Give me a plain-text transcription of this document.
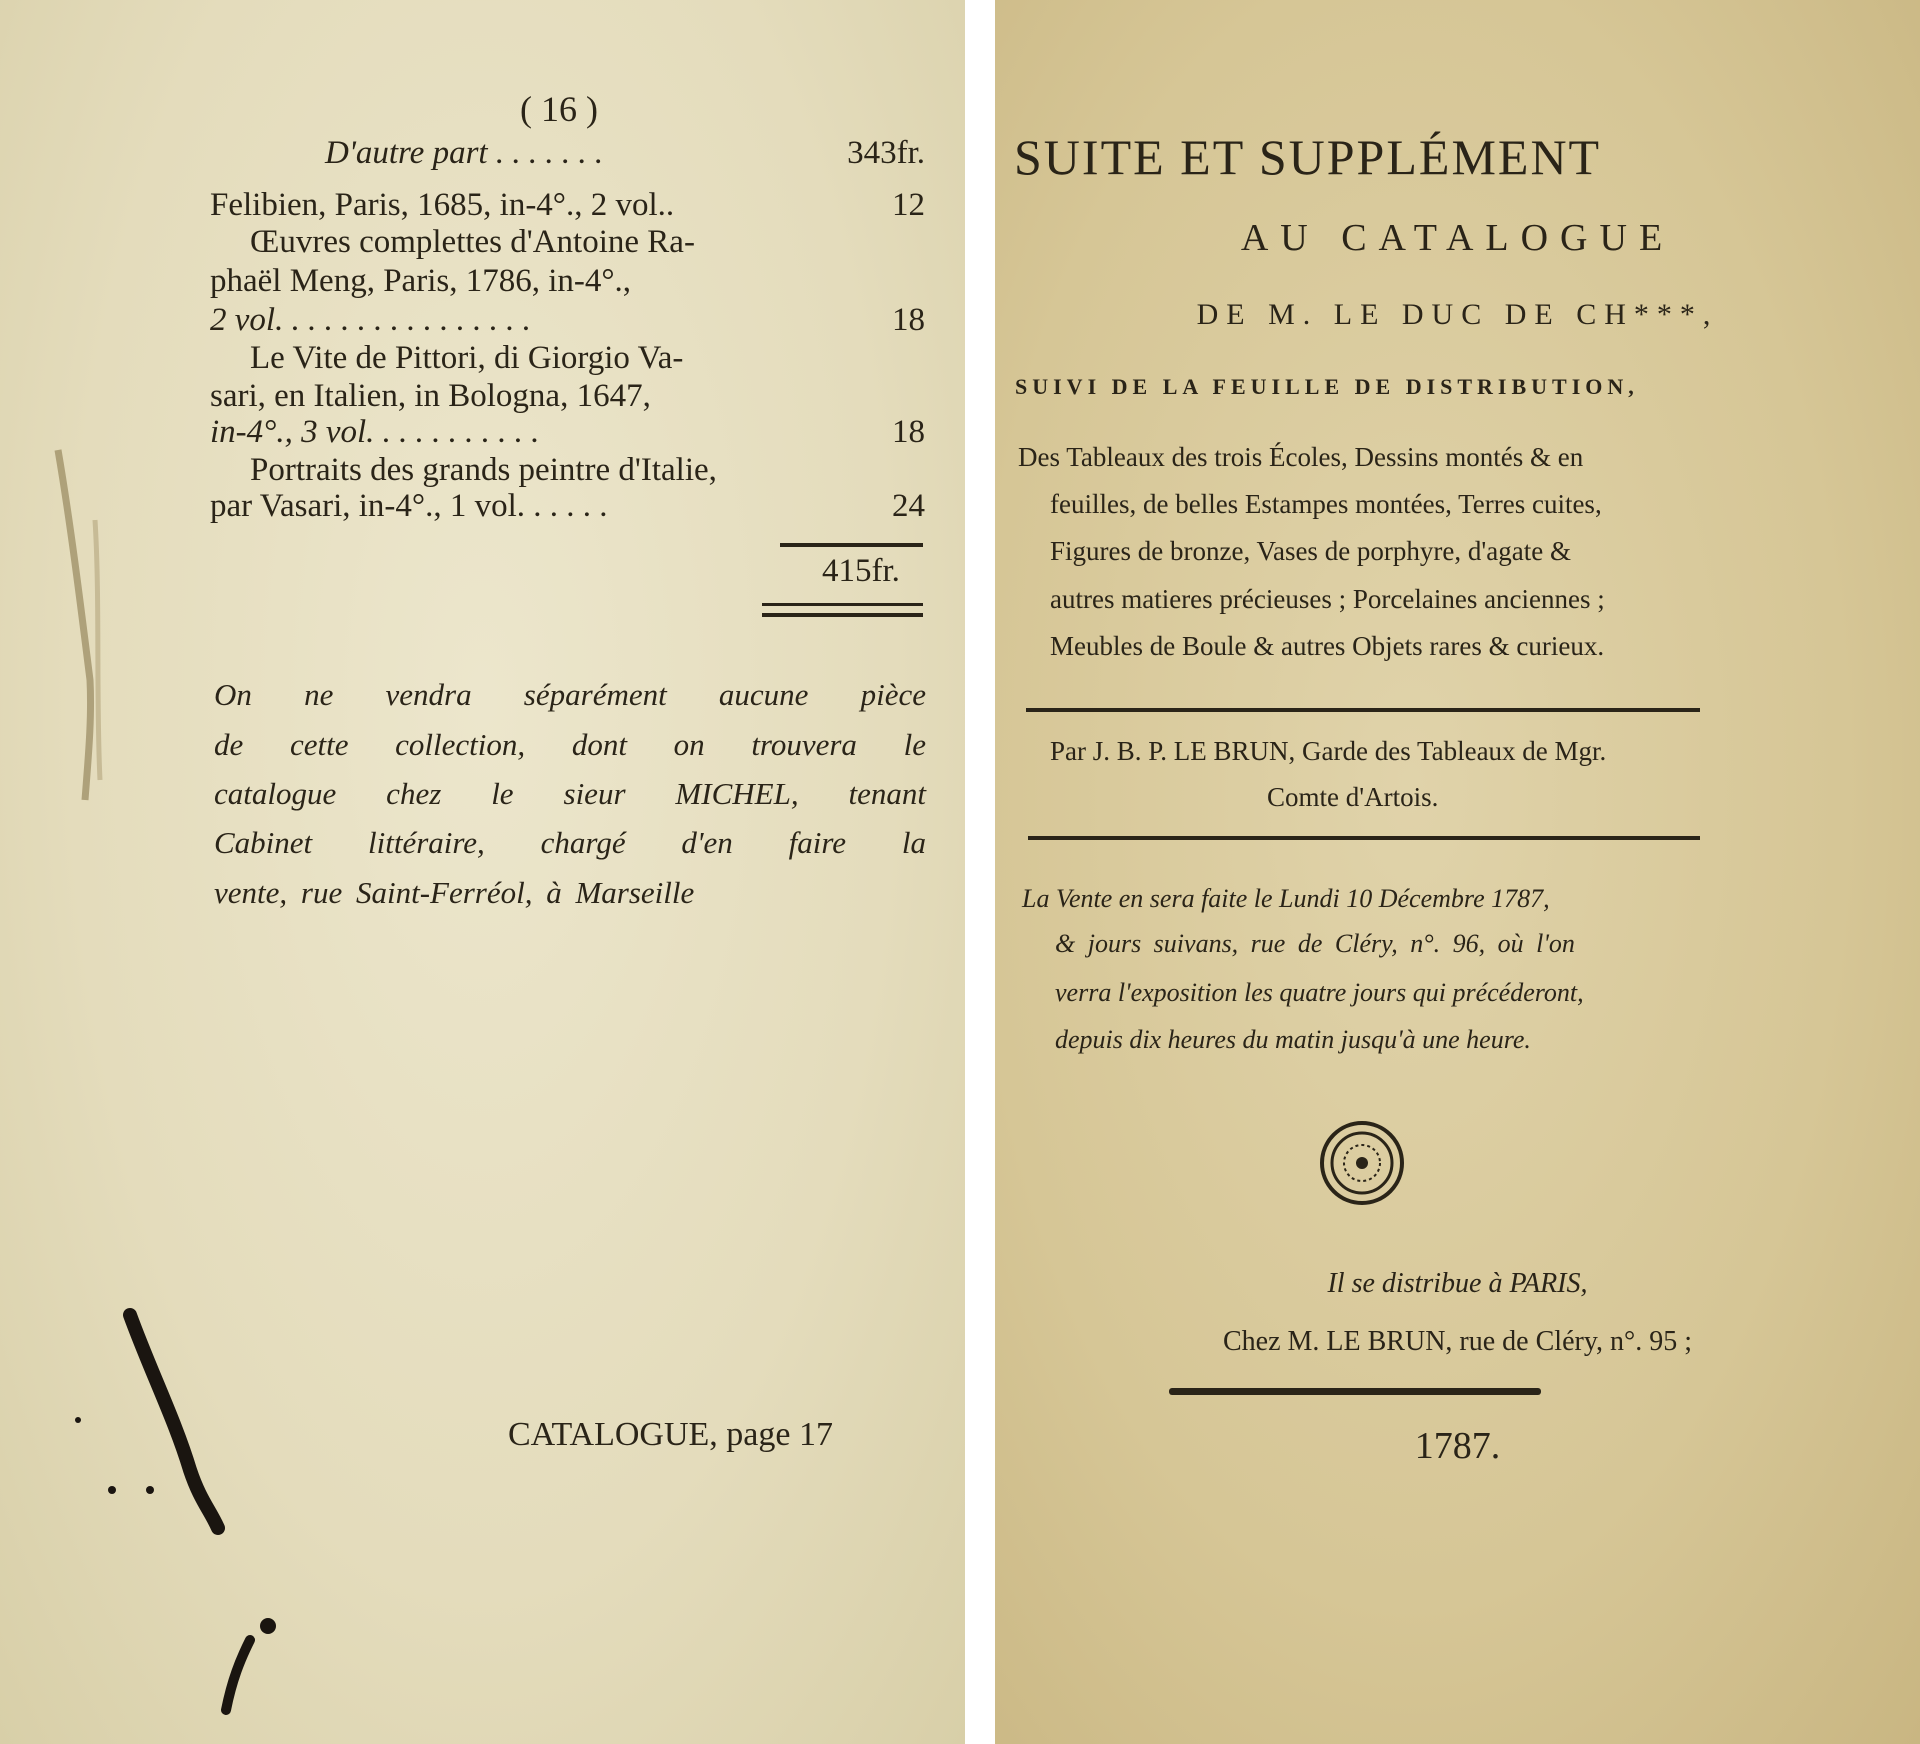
( 16 )
D'autre part . . . . . . .	343fr.
Felibien, Paris, 1685, in-4°., 2 vol..	12
Œuvres complettes d'Antoine Ra-
phaël Meng, Paris, 1786, in-4°.,
2 vol. . . . . . . . . . . . . . . .	18
Le Vite de Pittori, di Giorgio Va-
sari, en Italien, in Bologna, 1647,
in-4°., 3 vol. . . . . . . . . . .	18
Portraits des grands peintre d'Italie,
par Vasari, in-4°., 1 vol. . . . . .	24
415fr.
On ne vendra séparément aucune pièce
de cette collection, dont on trouvera le
catalogue chez le sieur MICHEL, tenant
Cabinet littéraire, chargé d'en faire la
vente, rue Saint-Ferréol, à Marseille
CATALOGUE, page 17
SUITE ET SUPPLÉMENT
AU CATALOGUE
DE M. LE DUC DE CH***,
SUIVI DE LA FEUILLE DE DISTRIBUTION,
Des Tableaux des trois Écoles, Dessins montés & en
feuilles, de belles Estampes montées, Terres cuites,
Figures de bronze, Vases de porphyre, d'agate &
autres matieres précieuses ; Porcelaines anciennes ;
Meubles de Boule & autres Objets rares & curieux.
Par J. B. P. LE BRUN, Garde des Tableaux de Mgr.
Comte d'Artois.
La Vente en sera faite le Lundi 10 Décembre 1787,
& jours suivans, rue de Cléry, n°. 96, où l'on
verra l'exposition les quatre jours qui précéderont,
depuis dix heures du matin jusqu'à une heure.
Il se distribue à PARIS,
Chez M. LE BRUN, rue de Cléry, n°. 95 ;
1787.
